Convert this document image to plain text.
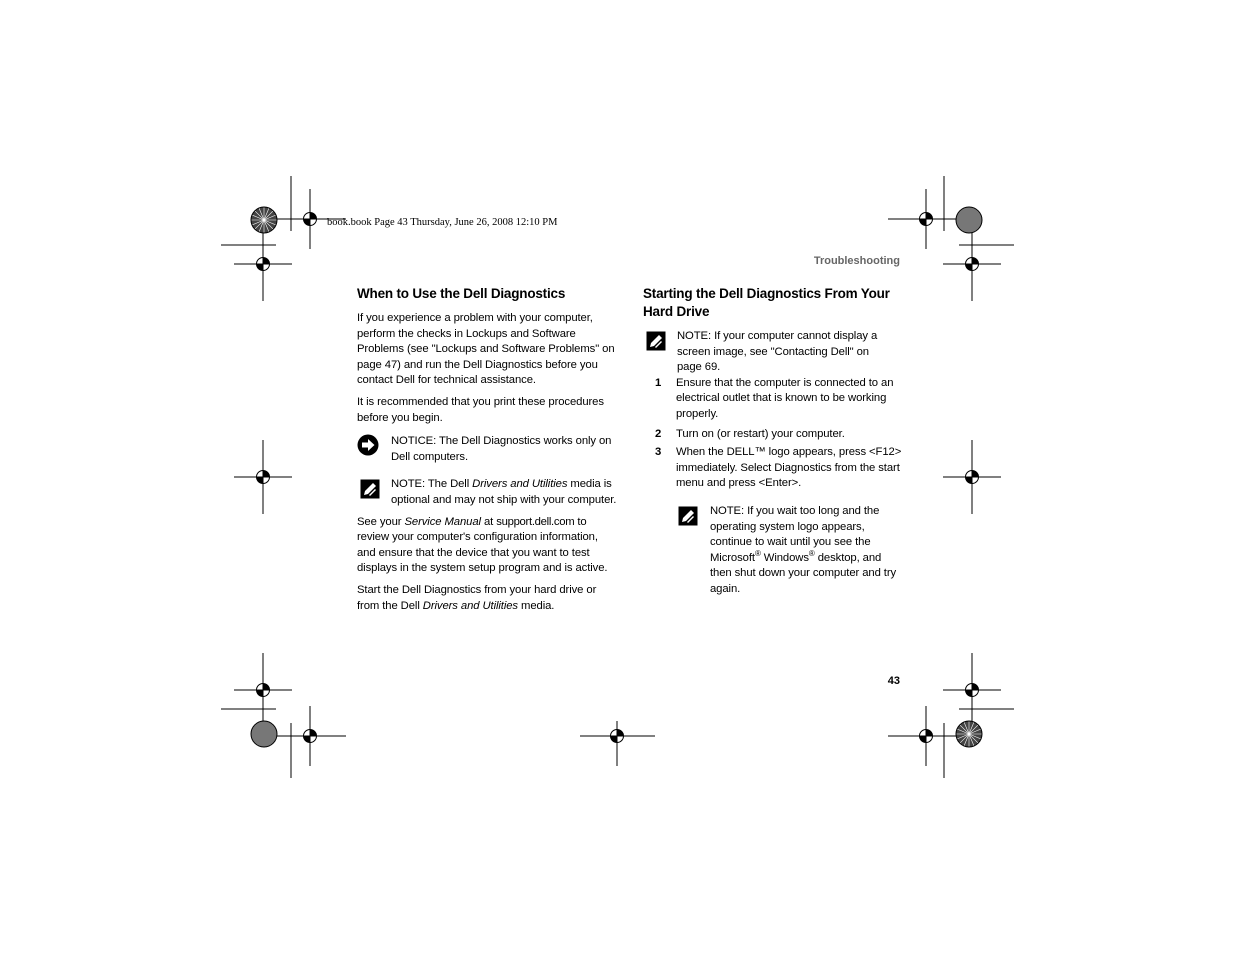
book.book Page 43 Thursday, June 26, 2008 12:10 PM
Troubleshooting
43
When to Use the Dell Diagnostics

If you experience a problem with your computer, perform the checks in Lockups and Software Problems (see "Lockups and Software Problems" on page 47) and run the Dell Diagnostics before you contact Dell for technical assistance.

It is recommended that you print these procedures before you begin.

NOTICE: The Dell Diagnostics works only on Dell computers.

NOTE: The Dell Drivers and Utilities media is optional and may not ship with your computer.

See your Service Manual at support.dell.com to review your computer's configuration information, and ensure that the device that you want to test displays in the system setup program and is active.

Start the Dell Diagnostics from your hard drive or from the Dell Drivers and Utilities media.

Starting the Dell Diagnostics From Your Hard Drive

NOTE: If your computer cannot display a screen image, see "Contacting Dell" on page 69.

1 Ensure that the computer is connected to an electrical outlet that is known to be working properly.
2 Turn on (or restart) your computer.
3 When the DELL™ logo appears, press <F12> immediately. Select Diagnostics from the start menu and press <Enter>.

NOTE: If you wait too long and the operating system logo appears, continue to wait until you see the Microsoft® Windows® desktop, and then shut down your computer and try again.
